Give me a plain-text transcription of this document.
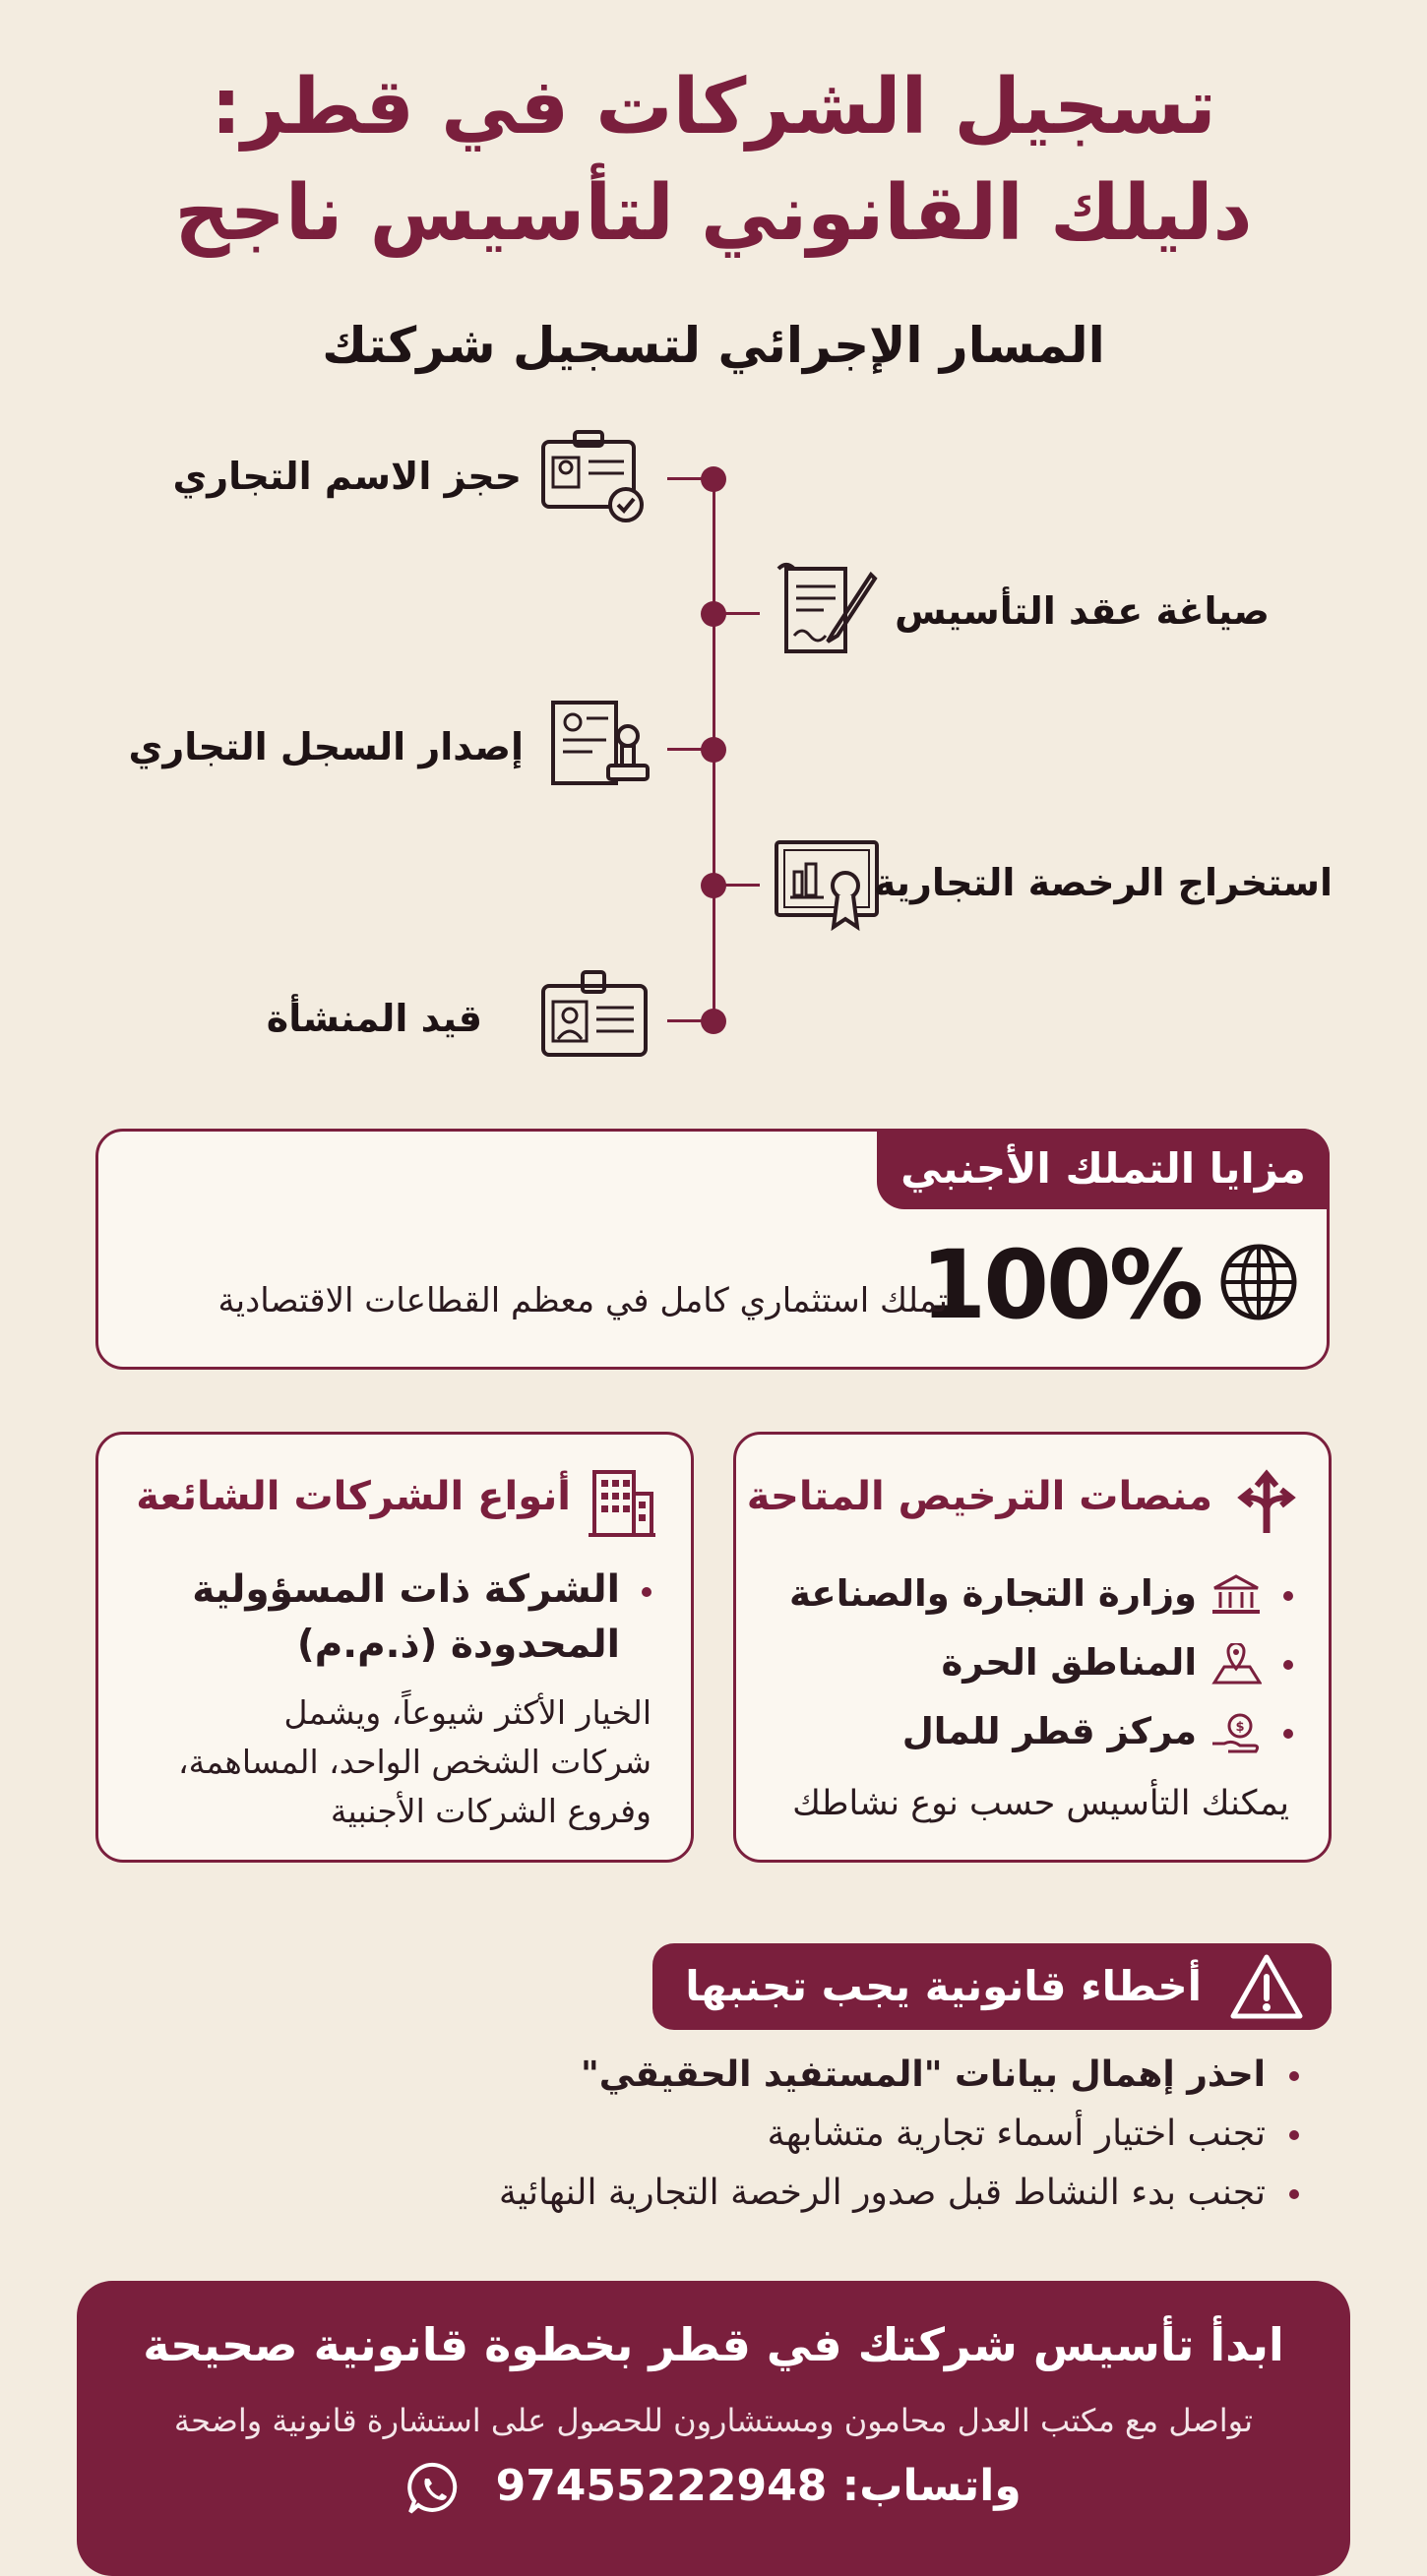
تسجيل الشركات في قطر:
دليلك القانوني لتأسيس ناجح
المسار الإجرائي لتسجيل شركتك
حجز الاسم التجاري
صياغة عقد التأسيس
إصدار السجل التجاري
استخراج الرخصة التجارية
قيد المنشأة
مزايا التملك الأجنبي
100%
تملك استثماري كامل في معظم القطاعات الاقتصادية
منصات الترخيص المتاحة
وزارة التجارة والصناعة
المناطق الحرة
$
مركز قطر للمال
يمكنك التأسيس حسب نوع نشاطك
أنواع الشركات الشائعة
الشركة ذات المسؤولية
المحدودة (ذ.م.م)
الخيار الأكثر شيوعاً، ويشمل
شركات الشخص الواحد، المساهمة،
وفروع الشركات الأجنبية
أخطاء قانونية يجب تجنبها
احذر إهمال بيانات "المستفيد الحقيقي"
تجنب اختيار أسماء تجارية متشابهة
تجنب بدء النشاط قبل صدور الرخصة التجارية النهائية
ابدأ تأسيس شركتك في قطر بخطوة قانونية صحيحة
تواصل مع مكتب العدل محامون ومستشارون للحصول على استشارة قانونية واضحة
واتساب: 97455222948
